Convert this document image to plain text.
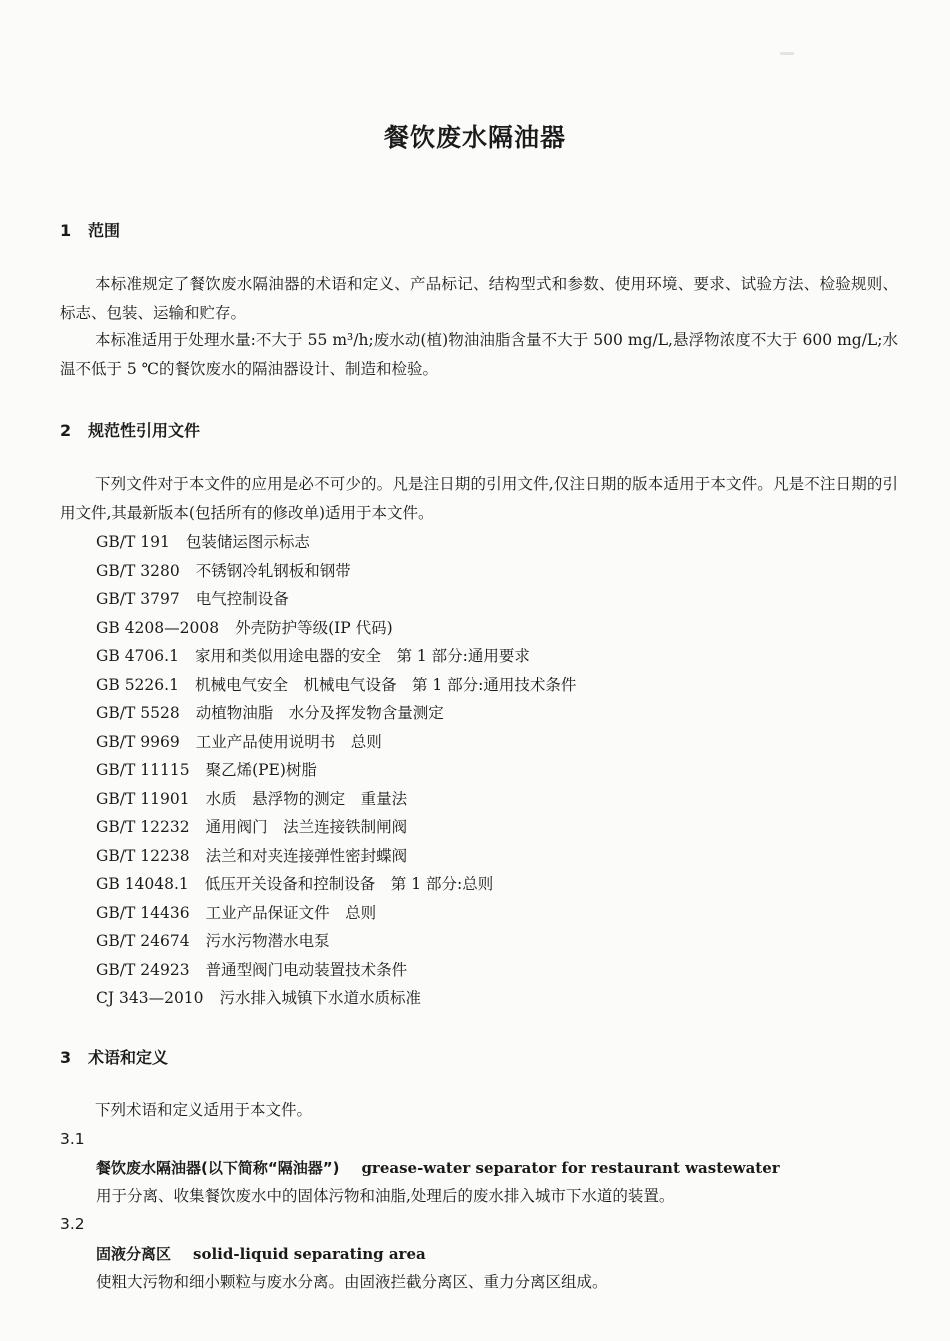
餐饮废水隔油器
1 范围
本标准规定了餐饮废水隔油器的术语和定义、产品标记、结构型式和参数、使用环境、要求、试验方法、检验规则、标志、包装、运输和贮存。
本标准适用于处理水量:不大于 55 m³/h;废水动(植)物油油脂含量不大于 500 mg/L,悬浮物浓度不大于 600 mg/L;水温不低于 5 ℃的餐饮废水的隔油器设计、制造和检验。
2 规范性引用文件
下列文件对于本文件的应用是必不可少的。凡是注日期的引用文件,仅注日期的版本适用于本文件。凡是不注日期的引用文件,其最新版本(包括所有的修改单)适用于本文件。
GB/T 191 包装储运图示标志
GB/T 3280 不锈钢冷轧钢板和钢带
GB/T 3797 电气控制设备
GB 4208—2008 外壳防护等级(IP 代码)
GB 4706.1 家用和类似用途电器的安全　第 1 部分:通用要求
GB 5226.1 机械电气安全　机械电气设备　第 1 部分:通用技术条件
GB/T 5528 动植物油脂　水分及挥发物含量测定
GB/T 9969 工业产品使用说明书　总则
GB/T 11115 聚乙烯(PE)树脂
GB/T 11901 水质　悬浮物的测定　重量法
GB/T 12232 通用阀门　法兰连接铁制闸阀
GB/T 12238 法兰和对夹连接弹性密封蝶阀
GB 14048.1 低压开关设备和控制设备　第 1 部分:总则
GB/T 14436 工业产品保证文件　总则
GB/T 24674 污水污物潜水电泵
GB/T 24923 普通型阀门电动装置技术条件
CJ 343—2010 污水排入城镇下水道水质标准
3 术语和定义
下列术语和定义适用于本文件。
3.1
餐饮废水隔油器(以下简称“隔油器”) grease-water separator for restaurant wastewater
用于分离、收集餐饮废水中的固体污物和油脂,处理后的废水排入城市下水道的装置。
3.2
固液分离区 solid-liquid separating area
使粗大污物和细小颗粒与废水分离。由固液拦截分离区、重力分离区组成。
